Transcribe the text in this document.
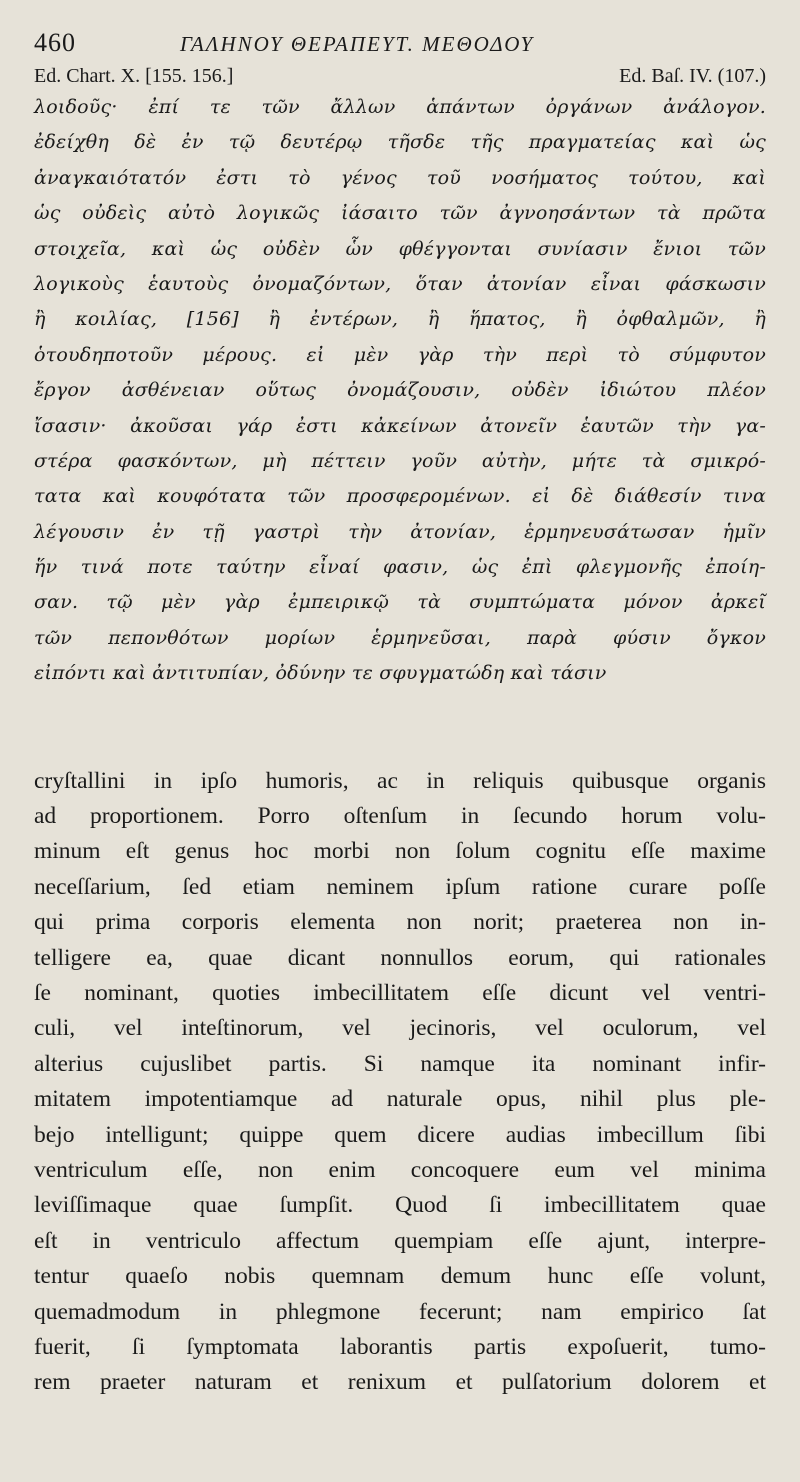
460	ΓΑΛΗΝΟΥ ΘΕΡΑΠΕΥΤ. ΜΕΘΟΔΟΥ
Ed. Chart. X. [155. 156.]	Ed. Baſ. IV. (107.)
λοιδοῦς· ἐπί τε τῶν ἄλλων ἁπάντων ὀργάνων ἀνάλογον.
ἐδείχθη δὲ ἐν τῷ δευτέρῳ τῆσδε τῆς πραγματείας καὶ ὡς
ἀναγκαιότατόν ἐστι τὸ γένος τοῦ νοσήματος τούτου, καὶ
ὡς οὐδεὶς αὐτὸ λογικῶς ἰάσαιτο τῶν ἀγνοησάντων τὰ πρῶτα
στοιχεῖα, καὶ ὡς οὐδὲν ὧν φθέγγονται συνίασιν ἔνιοι τῶν
λογικοὺς ἑαυτοὺς ὀνομαζόντων, ὅταν ἀτονίαν εἶναι φάσκωσιν
ἢ κοιλίας, [156] ἢ ἐντέρων, ἢ ἥπατος, ἢ ὀφθαλμῶν, ἢ
ὁτουδηποτοῦν μέρους. εἰ μὲν γὰρ τὴν περὶ τὸ σύμφυτον
ἔργον ἀσθένειαν οὕτως ὀνομάζουσιν, οὐδὲν ἰδιώτου πλέον
ἴσασιν· ἀκοῦσαι γάρ ἐστι κἀκείνων ἀτονεῖν ἑαυτῶν τὴν γα-
στέρα φασκόντων, μὴ πέττειν γοῦν αὐτὴν, μήτε τὰ σμικρό-
τατα καὶ κουφότατα τῶν προσφερομένων. εἰ δὲ διάθεσίν τινα
λέγουσιν ἐν τῇ γαστρὶ τὴν ἀτονίαν, ἑρμηνευσάτωσαν ἡμῖν
ἥν τινά ποτε ταύτην εἶναί φασιν, ὡς ἐπὶ φλεγμονῆς ἐποίη-
σαν. τῷ μὲν γὰρ ἐμπειρικῷ τὰ συμπτώματα μόνον ἀρκεῖ
τῶν πεπονθότων μορίων ἑρμηνεῦσαι, παρὰ φύσιν ὄγκον
εἰπόντι καὶ ἀντιτυπίαν, ὀδύνην τε σφυγματώδη καὶ τάσιν
cryſtallini in ipſo humoris, ac in reliquis quibusque organis
ad proportionem. Porro oſtenſum in ſecundo horum volu-
minum eſt genus hoc morbi non ſolum cognitu eſſe maxime
neceſſarium, ſed etiam neminem ipſum ratione curare poſſe
qui prima corporis elementa non norit; praeterea non in-
telligere ea, quae dicant nonnullos eorum, qui rationales
ſe nominant, quoties imbecillitatem eſſe dicunt vel ventri-
culi, vel inteſtinorum, vel jecinoris, vel oculorum, vel
alterius cujuslibet partis. Si namque ita nominant infir-
mitatem impotentiamque ad naturale opus, nihil plus ple-
bejo intelligunt; quippe quem dicere audias imbecillum ſibi
ventriculum eſſe, non enim concoquere eum vel minima
leviſſimaque quae ſumpſit. Quod ſi imbecillitatem quae
eſt in ventriculo affectum quempiam eſſe ajunt, interpre-
tentur quaeſo nobis quemnam demum hunc eſſe volunt,
quemadmodum in phlegmone fecerunt; nam empirico ſat
fuerit, ſi ſymptomata laborantis partis expoſuerit, tumo-
rem praeter naturam et renixum et pulſatorium dolorem et
